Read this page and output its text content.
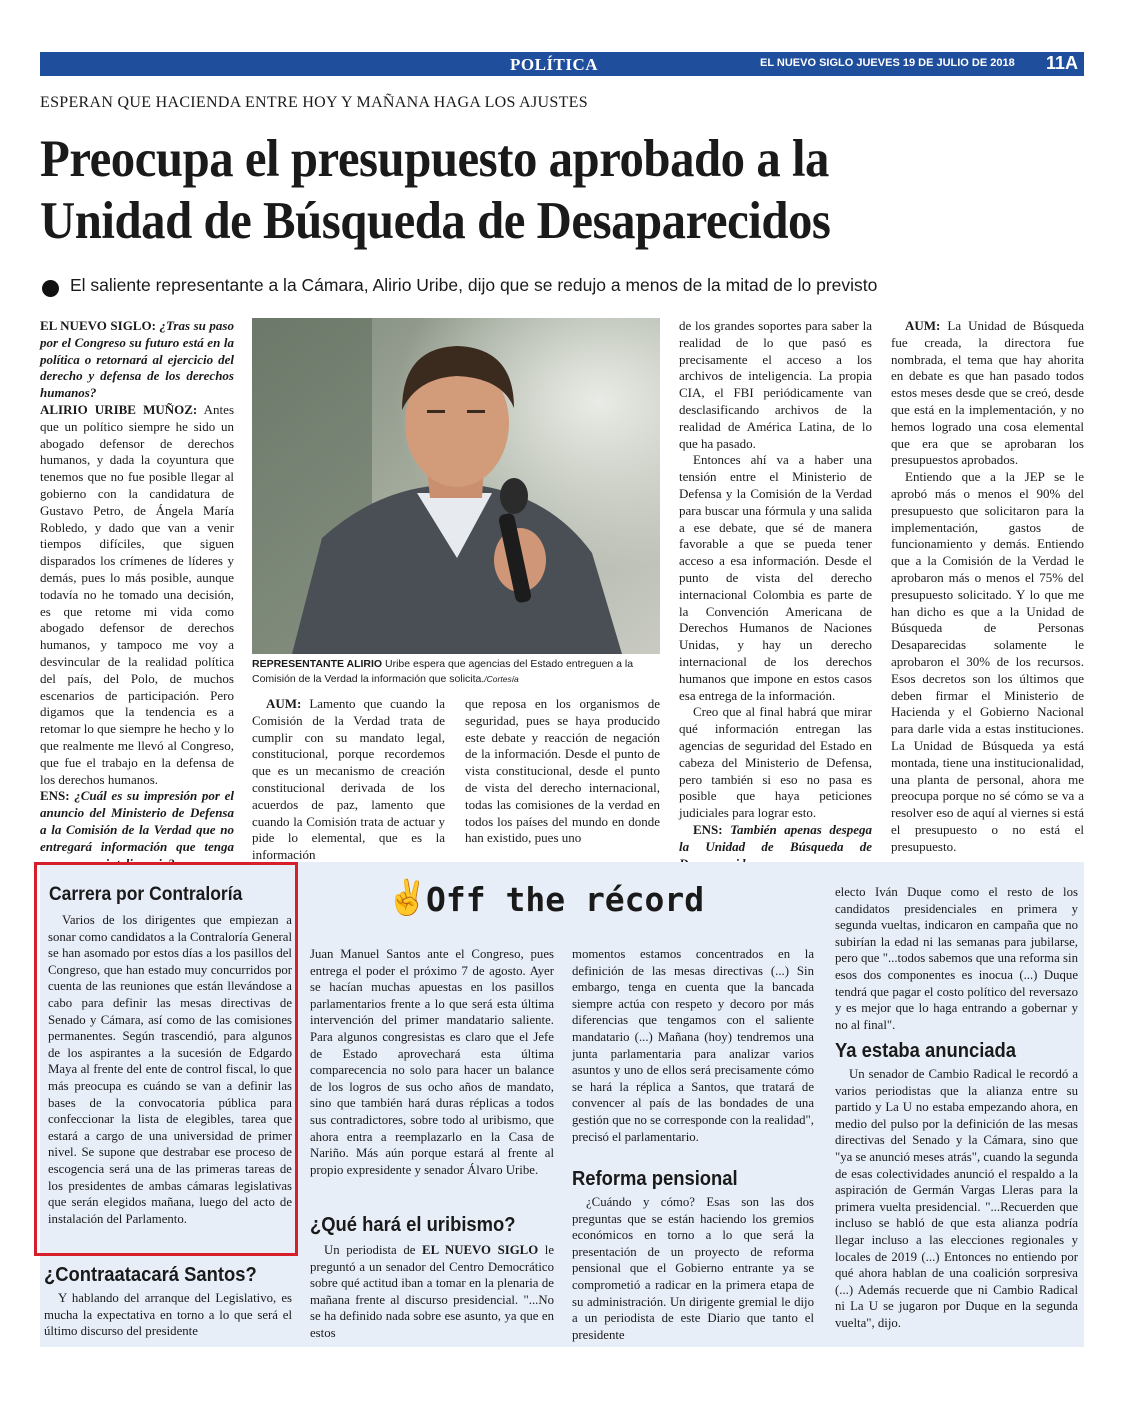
POLÍTICA	EL NUEVO SIGLO JUEVES 19 DE JULIO DE 2018 11A
ESPERAN QUE HACIENDA ENTRE HOY Y MAÑANA HAGA LOS AJUSTES
Preocupa el presupuesto aprobado a la
Unidad de Búsqueda de Desaparecidos
El saliente representante a la Cámara, Alirio Uribe, dijo que se redujo a menos de la mitad de lo previsto

EL NUEVO SIGLO: ¿Tras su paso por el Congreso su futuro está en la política o retornará al ejercicio del derecho y defensa de los derechos humanos?

ALIRIO URIBE MUÑOZ: Antes que un político siempre he sido un abogado defensor de derechos humanos, y dada la coyuntura que tenemos que no fue posible llegar al gobierno con la candidatura de Gustavo Petro, de Ángela María Robledo, y dado que van a venir tiempos difíciles, que siguen disparados los crímenes de líderes y demás, pues lo más posible, aunque todavía no he tomado una decisión, es que retome mi vida como abogado defensor de derechos humanos, y tampoco me voy a desvincular de la realidad política del país, del Polo, de muchos escenarios de participación. Pero digamos que la tendencia es a retomar lo que siempre he hecho y lo que realmente me llevó al Congreso, que fue el trabajo en la defensa de los derechos humanos.

ENS: ¿Cuál es su impresión por el anuncio del Ministerio de Defensa a la Comisión de la Verdad que no entregará información que tenga

REPRESENTANTE ALIRIO Uribe espera que agencias del Estado entreguen a la Comisión de la Verdad la información que solicita./Cortesía

AUM: Lamento que cuando la Comisión de la Verdad trata de cumplir con su mandato legal, constitucional, porque recordemos que es un mecanismo de creación constitucional derivada de los acuerdos de paz, lamento que cuando la Comisión trata de actuar y pide lo elemental, que es la información

que reposa en los organismos de seguridad, pues se haya producido este debate y reacción de negación de la información. Desde el punto de vista constitucional, desde el punto de vista del derecho internacional, todas las comisiones de la verdad en todos los países del mundo en donde han existido, pues uno

de los grandes soportes para saber la realidad de lo que pasó es precisamente el acceso a los archivos de inteligencia. La propia CIA, el FBI periódicamente van desclasificando archivos de la realidad de América Latina, de lo que ha pasado.

Entonces ahí va a haber una tensión entre el Ministerio de Defensa y la Comisión de la Verdad para buscar una fórmula y una salida a ese debate, que sé de manera favorable a que se pueda tener acceso a esa información. Desde el punto de vista del derecho internacional Colombia es parte de la Convención Americana de Derechos Humanos de Naciones Unidas, y hay un derecho internacional de los derechos humanos que impone en estos casos esa entrega de la información.

Creo que al final habrá que mirar qué información entregan las agencias de seguridad del Estado en cabeza del Ministerio de Defensa, pero también si eso no pasa es posible que haya peticiones judiciales para lograr esto.

ENS: También apenas despega la Unidad de Búsqueda de

AUM: La Unidad de Búsqueda fue creada, la directora fue nombrada, el tema que hay ahorita en debate es que han pasado todos estos meses desde que se creó, desde que está en la implementación, y no hemos logrado una cosa elemental que era que se aprobaran los presupuestos aprobados.

Entiendo que a la JEP se le aprobó más o menos el 90% del presupuesto que solicitaron para la implementación, gastos de funcionamiento y demás. Entiendo que a la Comisión de la Verdad le aprobaron más o menos el 75% del presupuesto solicitado. Y lo que me han dicho es que a la Unidad de Búsqueda de Personas Desaparecidas solamente le aprobaron el 30% de los recursos. Esos decretos son los últimos que deben firmar el Ministerio de Hacienda y el Gobierno Nacional para darle vida a estas instituciones. La Unidad de Búsqueda ya está montada, tiene una institucionalidad, una planta de personal, ahora me preocupa porque no sé cómo se va a resolver eso de aquí al viernes si está el presupuesto o no está el presupuesto.

✌
Off the récord
Carrera por Contraloría

Varios de los dirigentes que empiezan a sonar como candidatos a la Contraloría General se han asomado por estos días a los pasillos del Congreso, que han estado muy concurridos por cuenta de las reuniones que están llevándose a cabo para definir las mesas directivas de Senado y Cámara, así como de las comisiones permanentes. Según trascendió, para algunos de los aspirantes a la sucesión de Edgardo Maya al frente del ente de control fiscal, lo que más preocupa es cuándo se van a definir las bases de la convocatoria pública para confeccionar la lista de elegibles, tarea que estará a cargo de una universidad de primer nivel. Se supone que destrabar ese proceso de escogencia será una de las primeras tareas de los presidentes de ambas cámaras legislativas que serán elegidos mañana, luego del acto de instalación del Parlamento.

¿Contraatacará Santos?

Y hablando del arranque del Legislativo, es mucha la expectativa en torno a lo que será el último discurso del presidente

Juan Manuel Santos ante el Congreso, pues entrega el poder el próximo 7 de agosto. Ayer se hacían muchas apuestas en los pasillos parlamentarios frente a lo que será esta última intervención del primer mandatario saliente. Para algunos congresistas es claro que el Jefe de Estado aprovechará esta última comparecencia no solo para hacer un balance de los logros de sus ocho años de mandato, sino que también hará duras réplicas a todos sus contradictores, sobre todo al uribismo, que ahora entra a reemplazarlo en la Casa de Nariño. Más aún porque estará al frente al propio expresidente y senador Álvaro Uribe.

¿Qué hará el uribismo?

Un periodista de EL NUEVO SIGLO le preguntó a un senador del Centro Democrático sobre qué actitud iban a tomar en la plenaria de mañana frente al discurso presidencial. "...No se ha definido nada sobre ese asunto, ya que en estos

momentos estamos concentrados en la definición de las mesas directivas (...) Sin embargo, tenga en cuenta que la bancada siempre actúa con respeto y decoro por más diferencias que tengamos con el saliente mandatario (...) Mañana (hoy) tendremos una junta parlamentaria para analizar varios asuntos y uno de ellos será precisamente cómo se hará la réplica a Santos, que tratará de convencer al país de las bondades de una gestión que no se corresponde con la realidad", precisó el parlamentario.

Reforma pensional

¿Cuándo y cómo? Esas son las dos preguntas que se están haciendo los gremios económicos en torno a lo que será la presentación de un proyecto de reforma pensional que el Gobierno entrante ya se comprometió a radicar en la primera etapa de su administración. Un dirigente gremial le dijo a un periodista de este Diario que tanto el presidente

electo Iván Duque como el resto de los candidatos presidenciales en primera y segunda vueltas, indicaron en campaña que no subirían la edad ni las semanas para jubilarse, pero que "...todos sabemos que una reforma sin esos dos componentes es inocua (...) Duque tendrá que pagar el costo político del reversazo y es mejor que lo haga entrando a gobernar y no al final".

Ya estaba anunciada

Un senador de Cambio Radical le recordó a varios periodistas que la alianza entre su partido y La U no estaba empezando ahora, en medio del pulso por la definición de las mesas directivas del Senado y la Cámara, sino que "ya se anunció meses atrás", cuando la segunda de esas colectividades anunció el respaldo a la aspiración de Germán Vargas Lleras para la primera vuelta presidencial. "...Recuerden que incluso se habló de que esta alianza podría llegar incluso a las elecciones regionales y locales de 2019 (...) Entonces no entiendo por qué ahora hablan de una coalición sorpresiva (...) Además recuerde que ni Cambio Radical ni La U se jugaron por Duque en la segunda vuelta", dijo.
